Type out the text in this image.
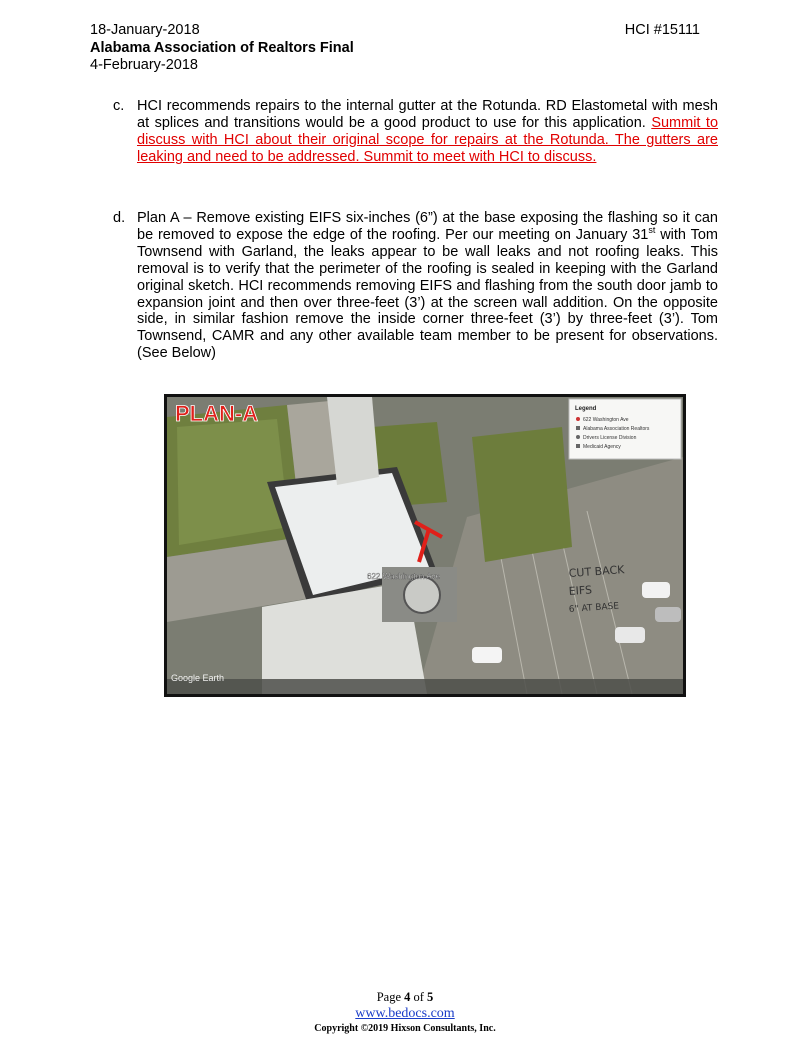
18-January-2018
Alabama Association of Realtors Final
4-February-2018
HCI #15111
c. HCI recommends repairs to the internal gutter at the Rotunda. RD Elastometal with mesh at splices and transitions would be a good product to use for this application. Summit to discuss with HCI about their original scope for repairs at the Rotunda. The gutters are leaking and need to be addressed. Summit to meet with HCI to discuss.
d. Plan A – Remove existing EIFS six-inches (6”) at the base exposing the flashing so it can be removed to expose the edge of the roofing. Per our meeting on January 31st with Tom Townsend with Garland, the leaks appear to be wall leaks and not roofing leaks. This removal is to verify that the perimeter of the roofing is sealed in keeping with the Garland original sketch. HCI recommends removing EIFS and flashing from the south door jamb to expansion joint and then over three-feet (3’) at the screen wall addition. On the opposite side, in similar fashion remove the inside corner three-feet (3’) by three-feet (3’). Tom Townsend, CAMR and any other available team member to be present for observations. (See Below)
Legend
622 Washington Ave
Alabama Association Realtors
Drivers License Division
Medicaid Agency
PLAN-A
622 Washington Ave	CUT BACK
EIFS
6" AT BASE
Google Earth
Page 4 of 5
www.bedocs.com
Copyright ©2019 Hixson Consultants, Inc.
